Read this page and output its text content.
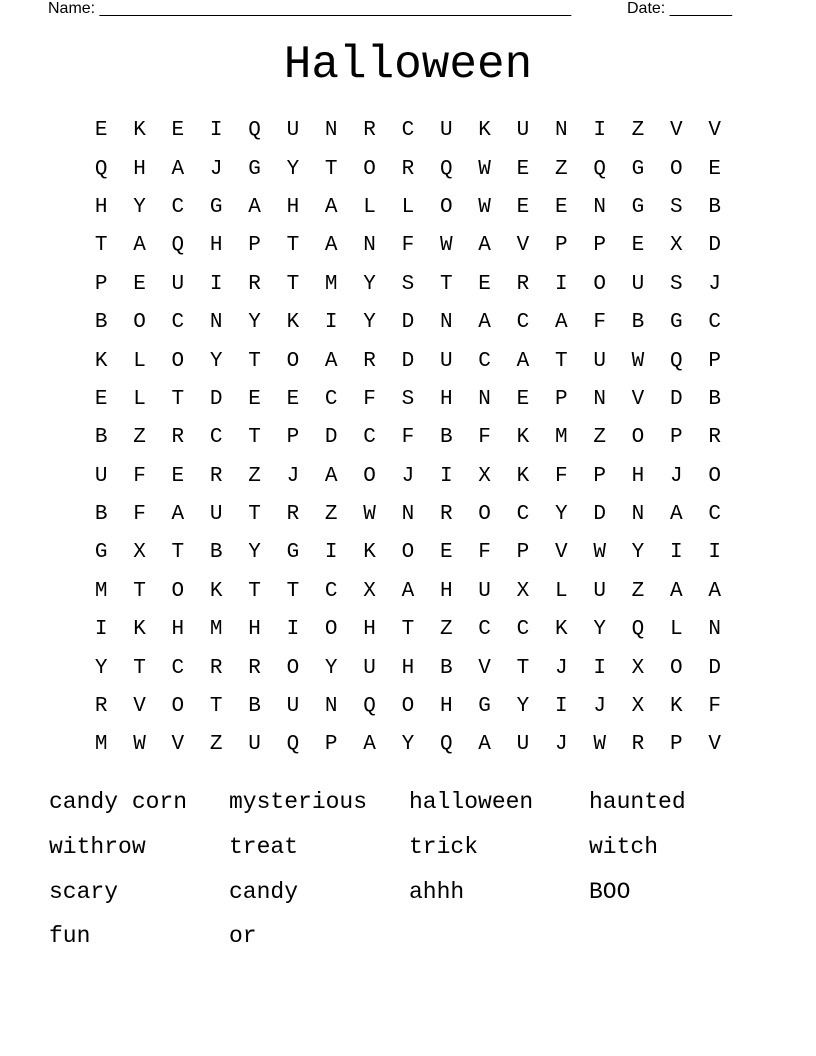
Name: _____________________________________________________	Date: _______
Halloween
E	K	E	I	Q	U	N	R	C	U	K	U	N	I	Z	V	V
Q	H	A	J	G	Y	T	O	R	Q	W	E	Z	Q	G	O	E
H	Y	C	G	A	H	A	L	L	O	W	E	E	N	G	S	B
T	A	Q	H	P	T	A	N	F	W	A	V	P	P	E	X	D
P	E	U	I	R	T	M	Y	S	T	E	R	I	O	U	S	J
B	O	C	N	Y	K	I	Y	D	N	A	C	A	F	B	G	C
K	L	O	Y	T	O	A	R	D	U	C	A	T	U	W	Q	P
E	L	T	D	E	E	C	F	S	H	N	E	P	N	V	D	B
B	Z	R	C	T	P	D	C	F	B	F	K	M	Z	O	P	R
U	F	E	R	Z	J	A	O	J	I	X	K	F	P	H	J	O
B	F	A	U	T	R	Z	W	N	R	O	C	Y	D	N	A	C
G	X	T	B	Y	G	I	K	O	E	F	P	V	W	Y	I	I
M	T	O	K	T	T	C	X	A	H	U	X	L	U	Z	A	A
I	K	H	M	H	I	O	H	T	Z	C	C	K	Y	Q	L	N
Y	T	C	R	R	O	Y	U	H	B	V	T	J	I	X	O	D
R	V	O	T	B	U	N	Q	O	H	G	Y	I	J	X	K	F
M	W	V	Z	U	Q	P	A	Y	Q	A	U	J	W	R	P	V
candy corn	mysterious	halloween	haunted
withrow	treat	trick	witch
scary	candy	ahhh	BOO
fun	or
